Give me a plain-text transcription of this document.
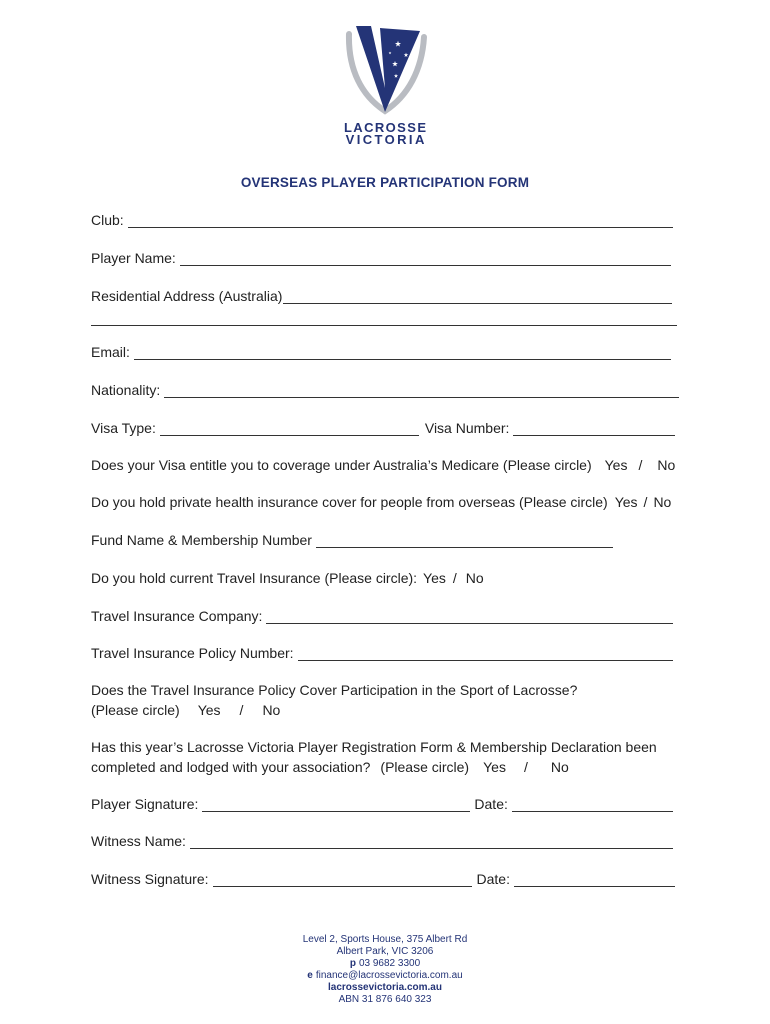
LACROSSE
VICTORIA
OVERSEAS PLAYER PARTICIPATION FORM
Club:
Player Name:
Residential Address (Australia)
Email:
Nationality:
Visa Type:	Visa Number:
Does your Visa entitle you to coverage under Australia’s Medicare (Please circle) Yes / No
Do you hold private health insurance cover for people from overseas (Please circle) Yes / No
Fund Name & Membership Number
Do you hold current Travel Insurance (Please circle): Yes / No
Travel Insurance Company:
Travel Insurance Policy Number:
Does the Travel Insurance Policy Cover Participation in the Sport of Lacrosse?
(Please circle) Yes / No
Has this year’s Lacrosse Victoria Player Registration Form & Membership Declaration been
completed and lodged with your association? (Please circle) Yes / No
Player Signature:	Date:
Witness Name:
Witness Signature:	Date:
Level 2, Sports House, 375 Albert Rd
Albert Park, VIC 3206
p 03 9682 3300
e finance@lacrossevictoria.com.au
lacrossevictoria.com.au
ABN 31 876 640 323
